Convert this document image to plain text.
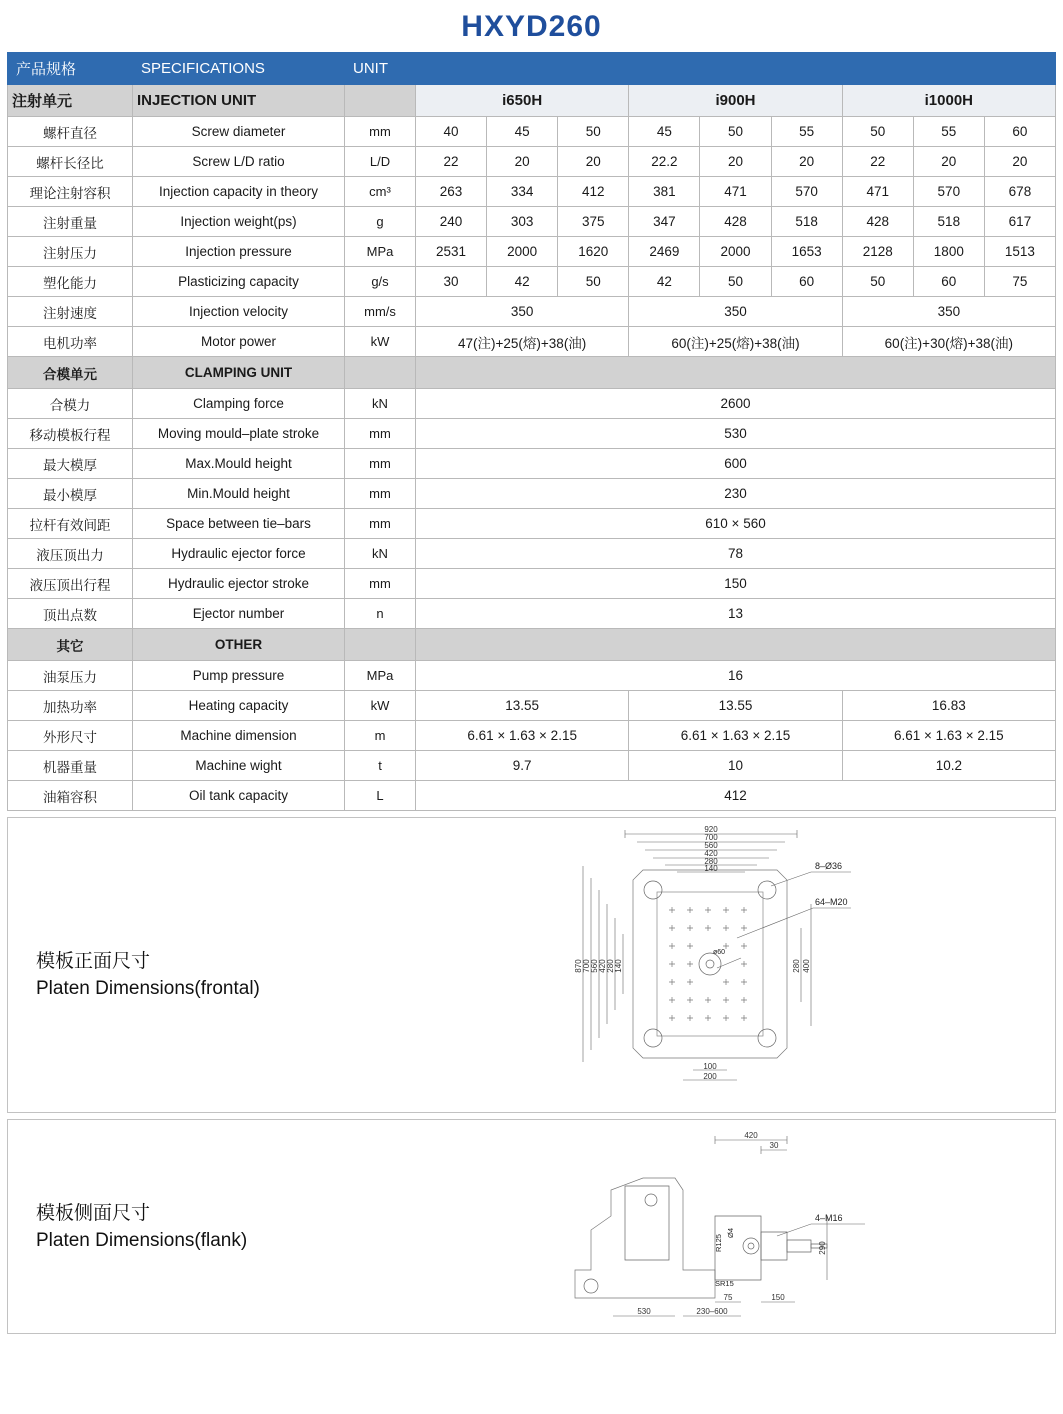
HXYD260
产品规格	SPECIFICATIONS	UNIT									
注射单元	INJECTION UNIT		i650H			i900H			i1000H		
螺杆直径	Screw diameter	mm	40	45	50	45	50	55	50	55	60
螺杆长径比	Screw L/D ratio	L/D	22	20	20	22.2	20	20	22	20	20
理论注射容积	Injection capacity in theory	cm³	263	334	412	381	471	570	471	570	678
注射重量	Injection weight(ps)	g	240	303	375	347	428	518	428	518	617
注射压力	Injection pressure	MPa	2531	2000	1620	2469	2000	1653	2128	1800	1513
塑化能力	Plasticizing capacity	g/s	30	42	50	42	50	60	50	60	75
注射速度	Injection velocity	mm/s	350			350			350		
电机功率	Motor power	kW	47(注)+25(熔)+38(油)			60(注)+25(熔)+38(油)			60(注)+30(熔)+38(油)		
合模单元	CLAMPING UNIT										
合模力	Clamping force	kN	2600								
移动模板行程	Moving mould–plate stroke	mm	530								
最大模厚	Max.Mould height	mm	600								
最小模厚	Min.Mould height	mm	230								
拉杆有效间距	Space between tie–bars	mm	610 × 560								
液压顶出力	Hydraulic ejector force	kN	78								
液压顶出行程	Hydraulic ejector stroke	mm	150								
顶出点数	Ejector number	n	13								
其它	OTHER										
油泵压力	Pump pressure	MPa	16								
加热功率	Heating capacity	kW	13.55			13.55			16.83		
外形尺寸	Machine dimension	m	6.61 × 1.63 × 2.15			6.61 × 1.63 × 2.15			6.61 × 1.63 × 2.15		
机器重量	Machine wight	t	9.7			10			10.2		
油箱容积	Oil tank capacity	L	412								
模板正面尺寸
Platen Dimensions(frontal)
920
700
560
420
280
140
870 700 560 420 280 140	280 400
100
200
8–Ø36
64–M20
ø60
模板侧面尺寸
Platen Dimensions(flank)
420
30
290
4–M16
Ø4
R125
SR15
530	230–600
75	150
